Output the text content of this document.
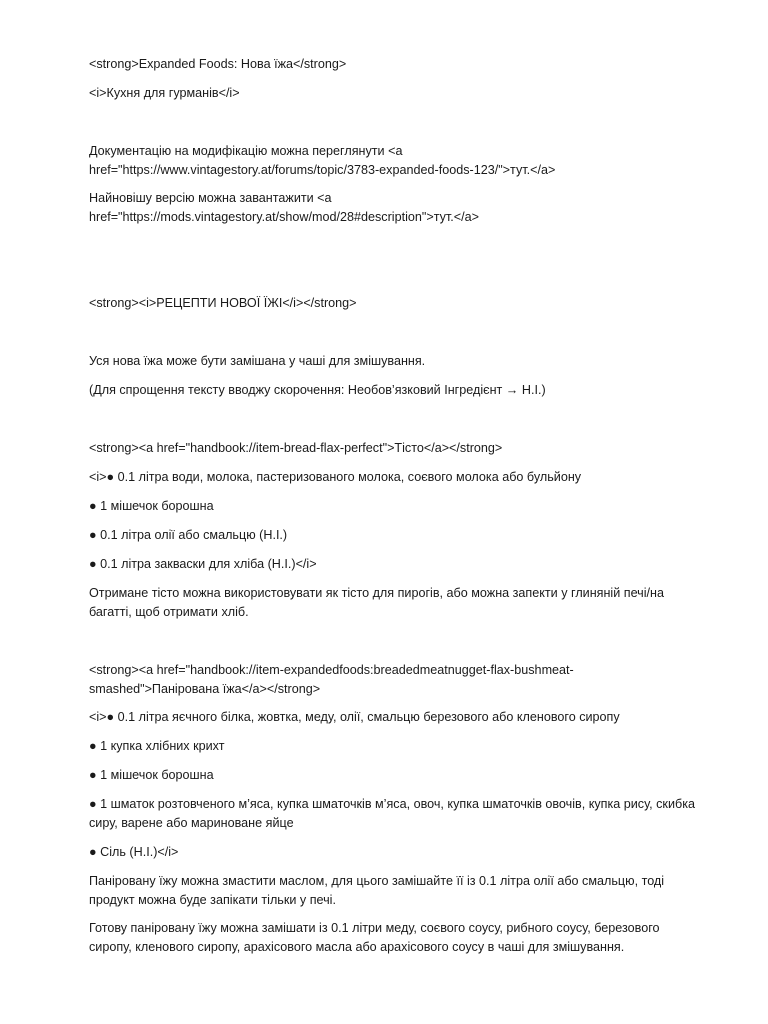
<strong>Expanded Foods: Нова їжа</strong>

<i>Кухня для гурманів</i>

Документацію на модифікацію можна переглянути <a

href="https://www.vintagestory.at/forums/topic/3783-expanded-foods-123/">тут.</a>

Найновішу версію можна завантажити <a

href="https://mods.vintagestory.at/show/mod/28#description">тут.</a>

<strong><i>РЕЦЕПТИ НОВОЇ ЇЖІ</i></strong>

Уся нова їжа може бути замішана у чаші для змішування.

(Для спрощення тексту вводжу скорочення: Необов’язковий Інгредієнт → Н.І.)

<strong><a href="handbook://item-bread-flax-perfect">Тісто</a></strong>

<i>● 0.1 літра води, молока, пастеризованого молока, соєвого молока або бульйону

● 1 мішечок борошна

● 0.1 літра олії або смальцю (Н.І.)

● 0.1 літра закваски для хліба (Н.І.)</i>

Отримане тісто можна використовувати як тісто для пирогів, або можна запекти у глиняній печі/на

багатті, щоб отримати хліб.

<strong><a href="handbook://item-expandedfoods:breadedmeatnugget-flax-bushmeat-

smashed">Панірована їжа</a></strong>

<i>● 0.1 літра яєчного білка, жовтка, меду, олії, смальцю березового або кленового сиропу

● 1 купка хлібних крихт

● 1 мішечок борошна

● 1 шматок розтовченого м’яса, купка шматочків м’яса, овоч, купка шматочків овочів, купка рису, скибка

сиру, варене або мариноване яйце

● Сіль (Н.І.)</i>

Панiровану їжу можна змастити маслом, для цього замішайте її із 0.1 літра олії або смальцю, тоді

продукт можна буде запікати тільки у печі.

Готову паніровану їжу можна замішати із 0.1 літри меду, соєвого соусу, рибного соусу, березового

сиропу, кленового сиропу, арахісового масла або арахісового соусу в чаші для змішування.
